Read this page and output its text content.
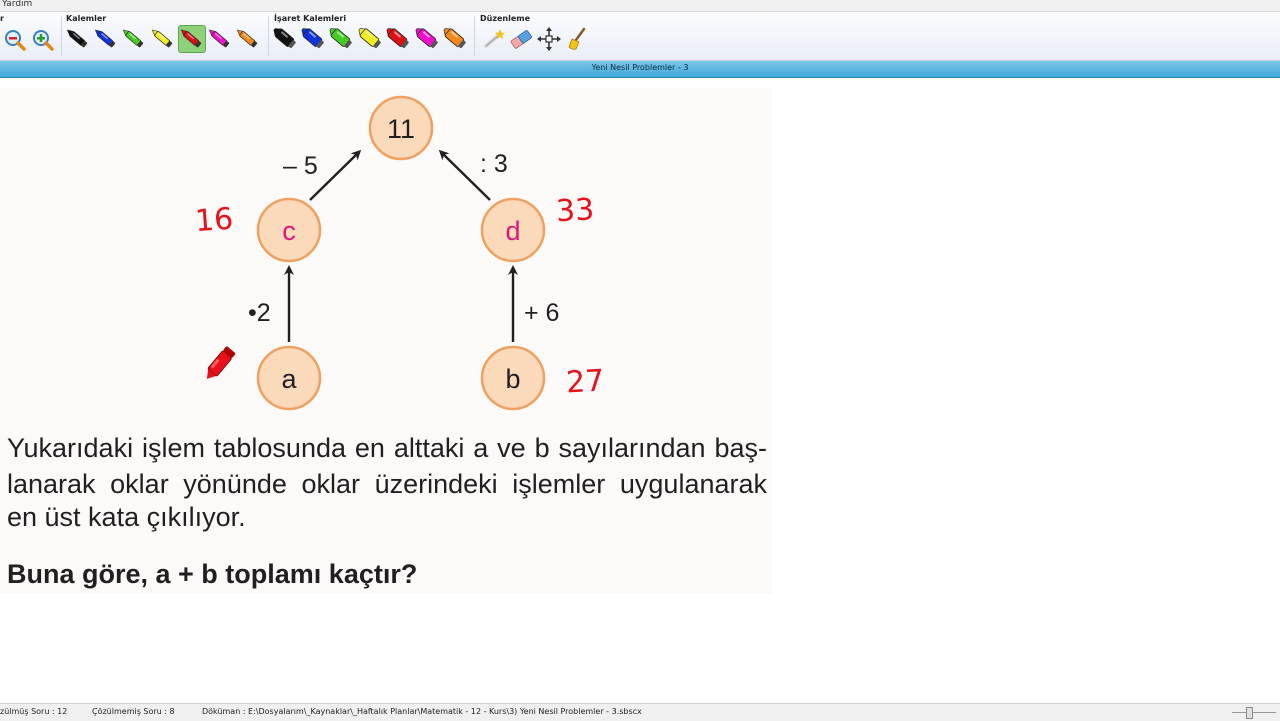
Yardım
r	Kalemler	İşaret Kalemleri	Düzenleme
Yeni Nesil Problemler - 3
11
c	d
a	b
– 5	: 3
•2	+ 6
16	33
27

Yukarıdaki işlem tablosunda en alttaki a ve b sayılarından baş-lanarak oklar yönünde oklar üzerindeki işlemler uygulanarak

en üst kata çıkılıyor.
Buna göre, a + b toplamı kaçtır?
zülmüş Soru : 12	Çözülmemiş Soru : 8	Döküman : E:\Dosyalarım\_Kaynaklar\_Haftalık Planlar\Matematik - 12 - Kurs\3) Yeni Nesil Problemler - 3.sbscx
